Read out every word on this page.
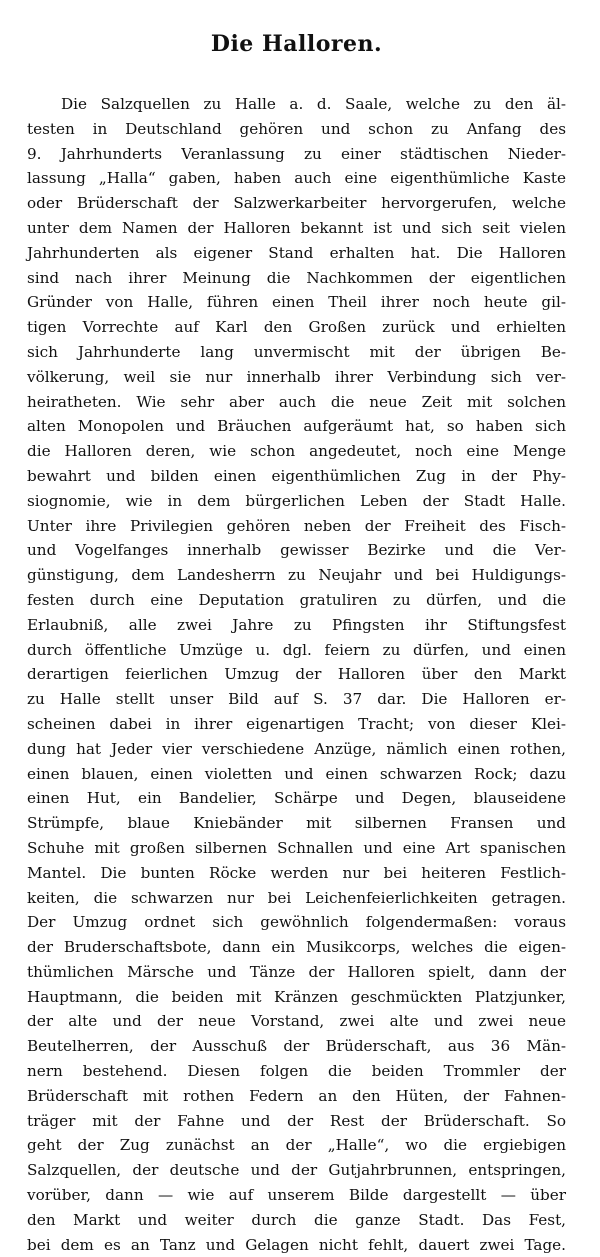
Die Halloren.
Die Salzquellen zu Halle a. d. Saale, welche zu den äl-
testen in Deutschland gehören und schon zu Anfang des
9. Jahrhunderts Veranlassung zu einer städtischen Nieder-
lassung „Halla“ gaben, haben auch eine eigenthümliche Kaste
oder Brüderschaft der Salzwerkarbeiter hervorgerufen, welche
unter dem Namen der Halloren bekannt ist und sich seit vielen
Jahrhunderten als eigener Stand erhalten hat. Die Halloren
sind nach ihrer Meinung die Nachkommen der eigentlichen
Gründer von Halle, führen einen Theil ihrer noch heute gil-
tigen Vorrechte auf Karl den Großen zurück und erhielten
sich Jahrhunderte lang unvermischt mit der übrigen Be-
völkerung, weil sie nur innerhalb ihrer Verbindung sich ver-
heiratheten. Wie sehr aber auch die neue Zeit mit solchen
alten Monopolen und Bräuchen aufgeräumt hat, so haben sich
die Halloren deren, wie schon angedeutet, noch eine Menge
bewahrt und bilden einen eigenthümlichen Zug in der Phy-
siognomie, wie in dem bürgerlichen Leben der Stadt Halle.
Unter ihre Privilegien gehören neben der Freiheit des Fisch-
und Vogelfanges innerhalb gewisser Bezirke und die Ver-
günstigung, dem Landesherrn zu Neujahr und bei Huldigungs-
festen durch eine Deputation gratuliren zu dürfen, und die
Erlaubniß, alle zwei Jahre zu Pfingsten ihr Stiftungsfest
durch öffentliche Umzüge u. dgl. feiern zu dürfen, und einen
derartigen feierlichen Umzug der Halloren über den Markt
zu Halle stellt unser Bild auf S. 37 dar. Die Halloren er-
scheinen dabei in ihrer eigenartigen Tracht; von dieser Klei-
dung hat Jeder vier verschiedene Anzüge, nämlich einen rothen,
einen blauen, einen violetten und einen schwarzen Rock; dazu
einen Hut, ein Bandelier, Schärpe und Degen, blauseidene
Strümpfe, blaue Kniebänder mit silbernen Fransen und
Schuhe mit großen silbernen Schnallen und eine Art spanischen
Mantel. Die bunten Röcke werden nur bei heiteren Festlich-
keiten, die schwarzen nur bei Leichenfeierlichkeiten getragen.
Der Umzug ordnet sich gewöhnlich folgendermaßen: voraus
der Bruderschaftsbote, dann ein Musikcorps, welches die eigen-
thümlichen Märsche und Tänze der Halloren spielt, dann der
Hauptmann, die beiden mit Kränzen geschmückten Platzjunker,
der alte und der neue Vorstand, zwei alte und zwei neue
Beutelherren, der Ausschuß der Brüderschaft, aus 36 Män-
nern bestehend. Diesen folgen die beiden Trommler der
Brüderschaft mit rothen Federn an den Hüten, der Fahnen-
träger mit der Fahne und der Rest der Brüderschaft. So
geht der Zug zunächst an der „Halle“, wo die ergiebigen
Salzquellen, der deutsche und der Gutjahrbrunnen, entspringen,
vorüber, dann — wie auf unserem Bilde dargestellt — über
den Markt und weiter durch die ganze Stadt. Das Fest,
bei dem es an Tanz und Gelagen nicht fehlt, dauert zwei Tage.
